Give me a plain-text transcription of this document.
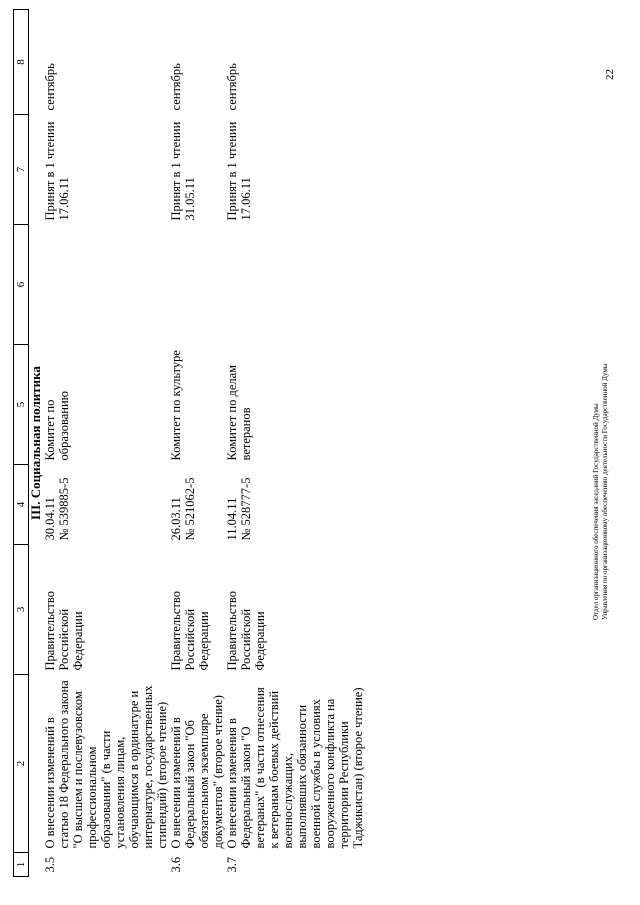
1	2	3	4	5	6	7	8
III. Социальная политика							
3.5	О внесении изменений в статью 18 Федерального закона "О высшем и послевузовском профессиональном образовании" (в части установления лицам, обучающимся в ординатуре и интернатуре, государственных стипендий) (второе чтение)	Правительство Российской Федерации	30.04.11 № 539885-5	Комитет по образованию		Принят в 1 чтении 17.06.11	сентябрь
3.6	О внесении изменений в Федеральный закон "Об обязательном экземпляре документов" (второе чтение)	Правительство Российской Федерации	26.03.11 № 521062-5	Комитет по культуре		Принят в 1 чтении 31.05.11	сентябрь
3.7	О внесении изменения в Федеральный закон "О ветеранах" (в части отнесения к ветеранам боевых действий военнослужащих, выполнявших обязанности военной службы в условиях вооруженного конфликта на территории Республики Таджикистан) (второе чтение)	Правительство Российской Федерации	11.04.11 № 528777-5	Комитет по делам ветеранов		Принят в 1 чтении 17.06.11	сентябрь
Отдел организационного обеспечения заседаний Государственной Думы Управления по организационному обеспечению деятельности Государственной Думы
22
